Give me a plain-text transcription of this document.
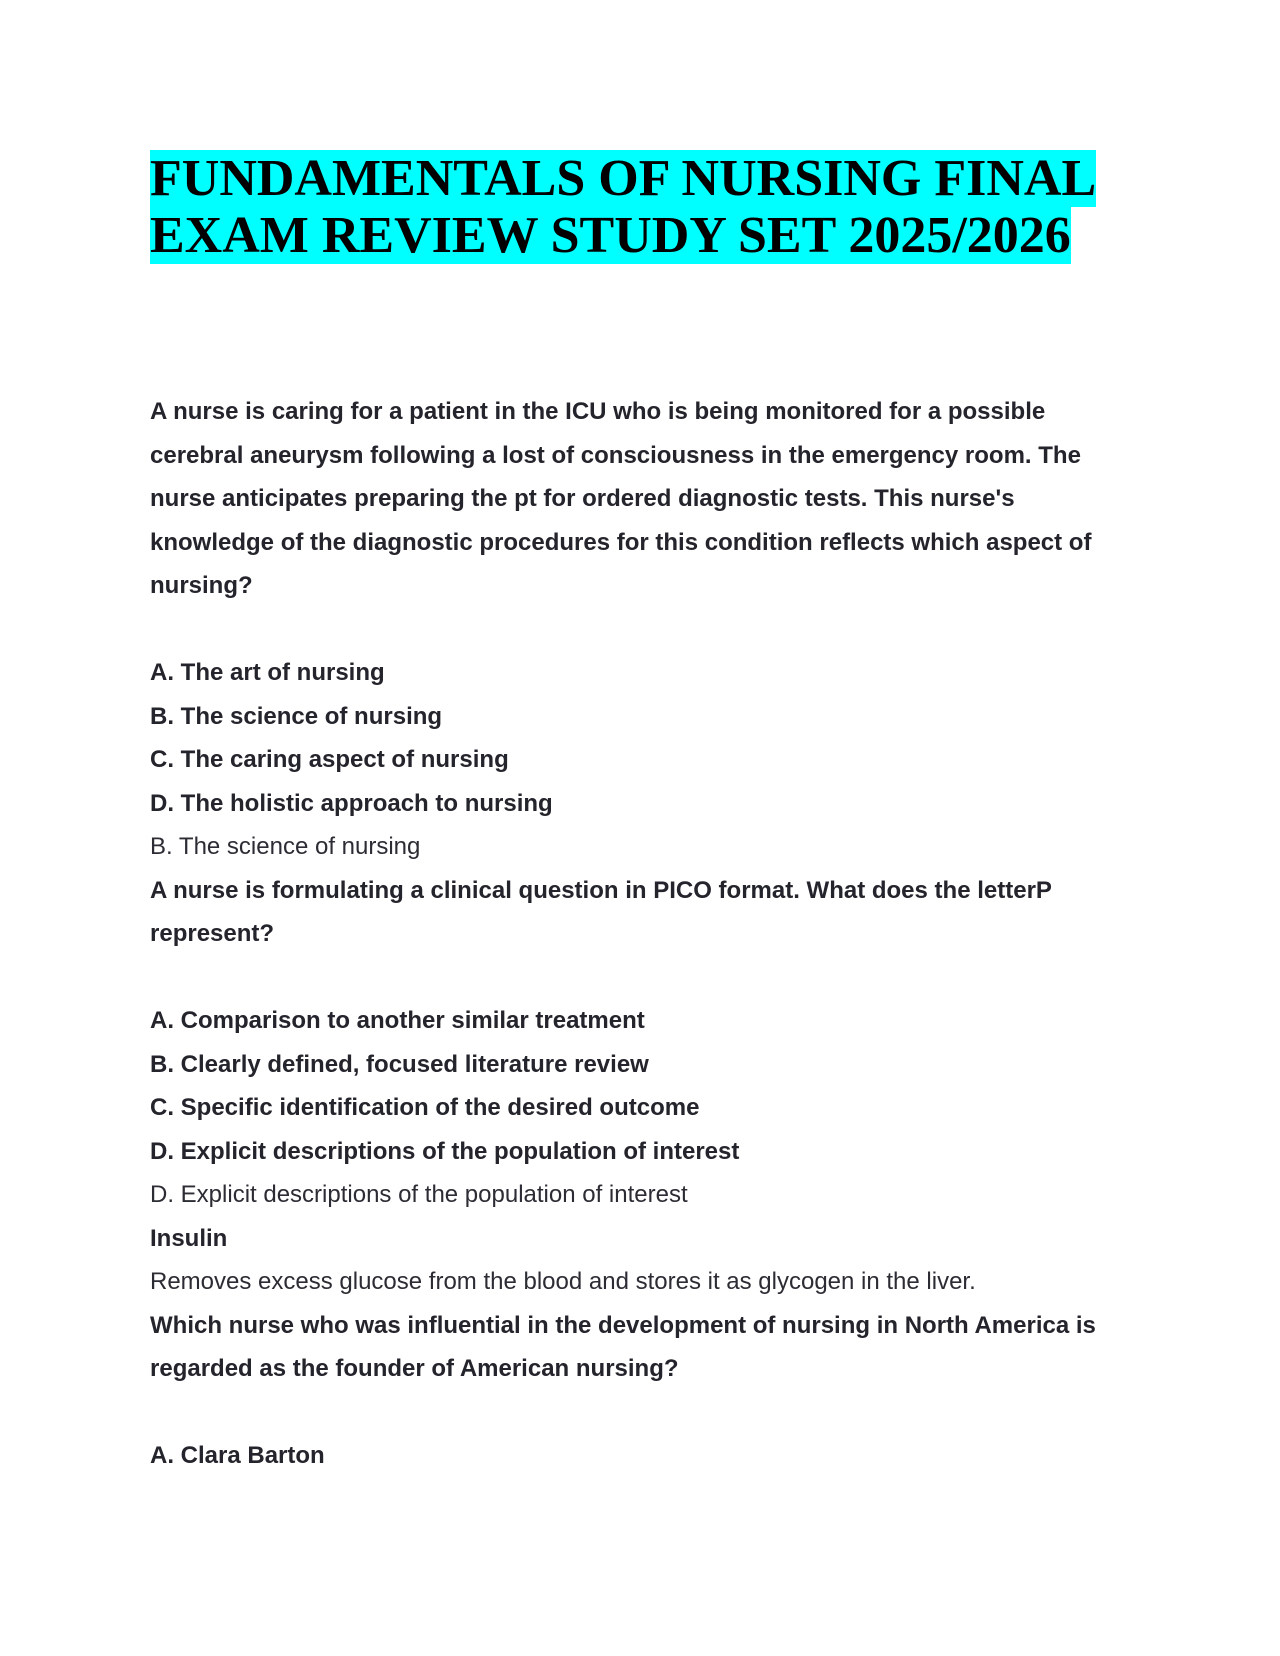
FUNDAMENTALS OF NURSING FINAL
EXAM REVIEW STUDY SET 2025/2026

A nurse is caring for a patient in the ICU who is being monitored for a possible cerebral aneurysm following a lost of consciousness in the emergency room. The nurse anticipates preparing the pt for ordered diagnostic tests. This nurse's knowledge of the diagnostic procedures for this condition reflects which aspect of nursing?

A. The art of nursing

B. The science of nursing

C. The caring aspect of nursing

D. The holistic approach to nursing

B. The science of nursing

A nurse is formulating a clinical question in PICO format. What does the letterP represent?

A. Comparison to another similar treatment

B. Clearly defined, focused literature review

C. Specific identification of the desired outcome

D. Explicit descriptions of the population of interest

D. Explicit descriptions of the population of interest

Insulin

Removes excess glucose from the blood and stores it as glycogen in the liver.

Which nurse who was influential in the development of nursing in North America is regarded as the founder of American nursing?

A. Clara Barton
